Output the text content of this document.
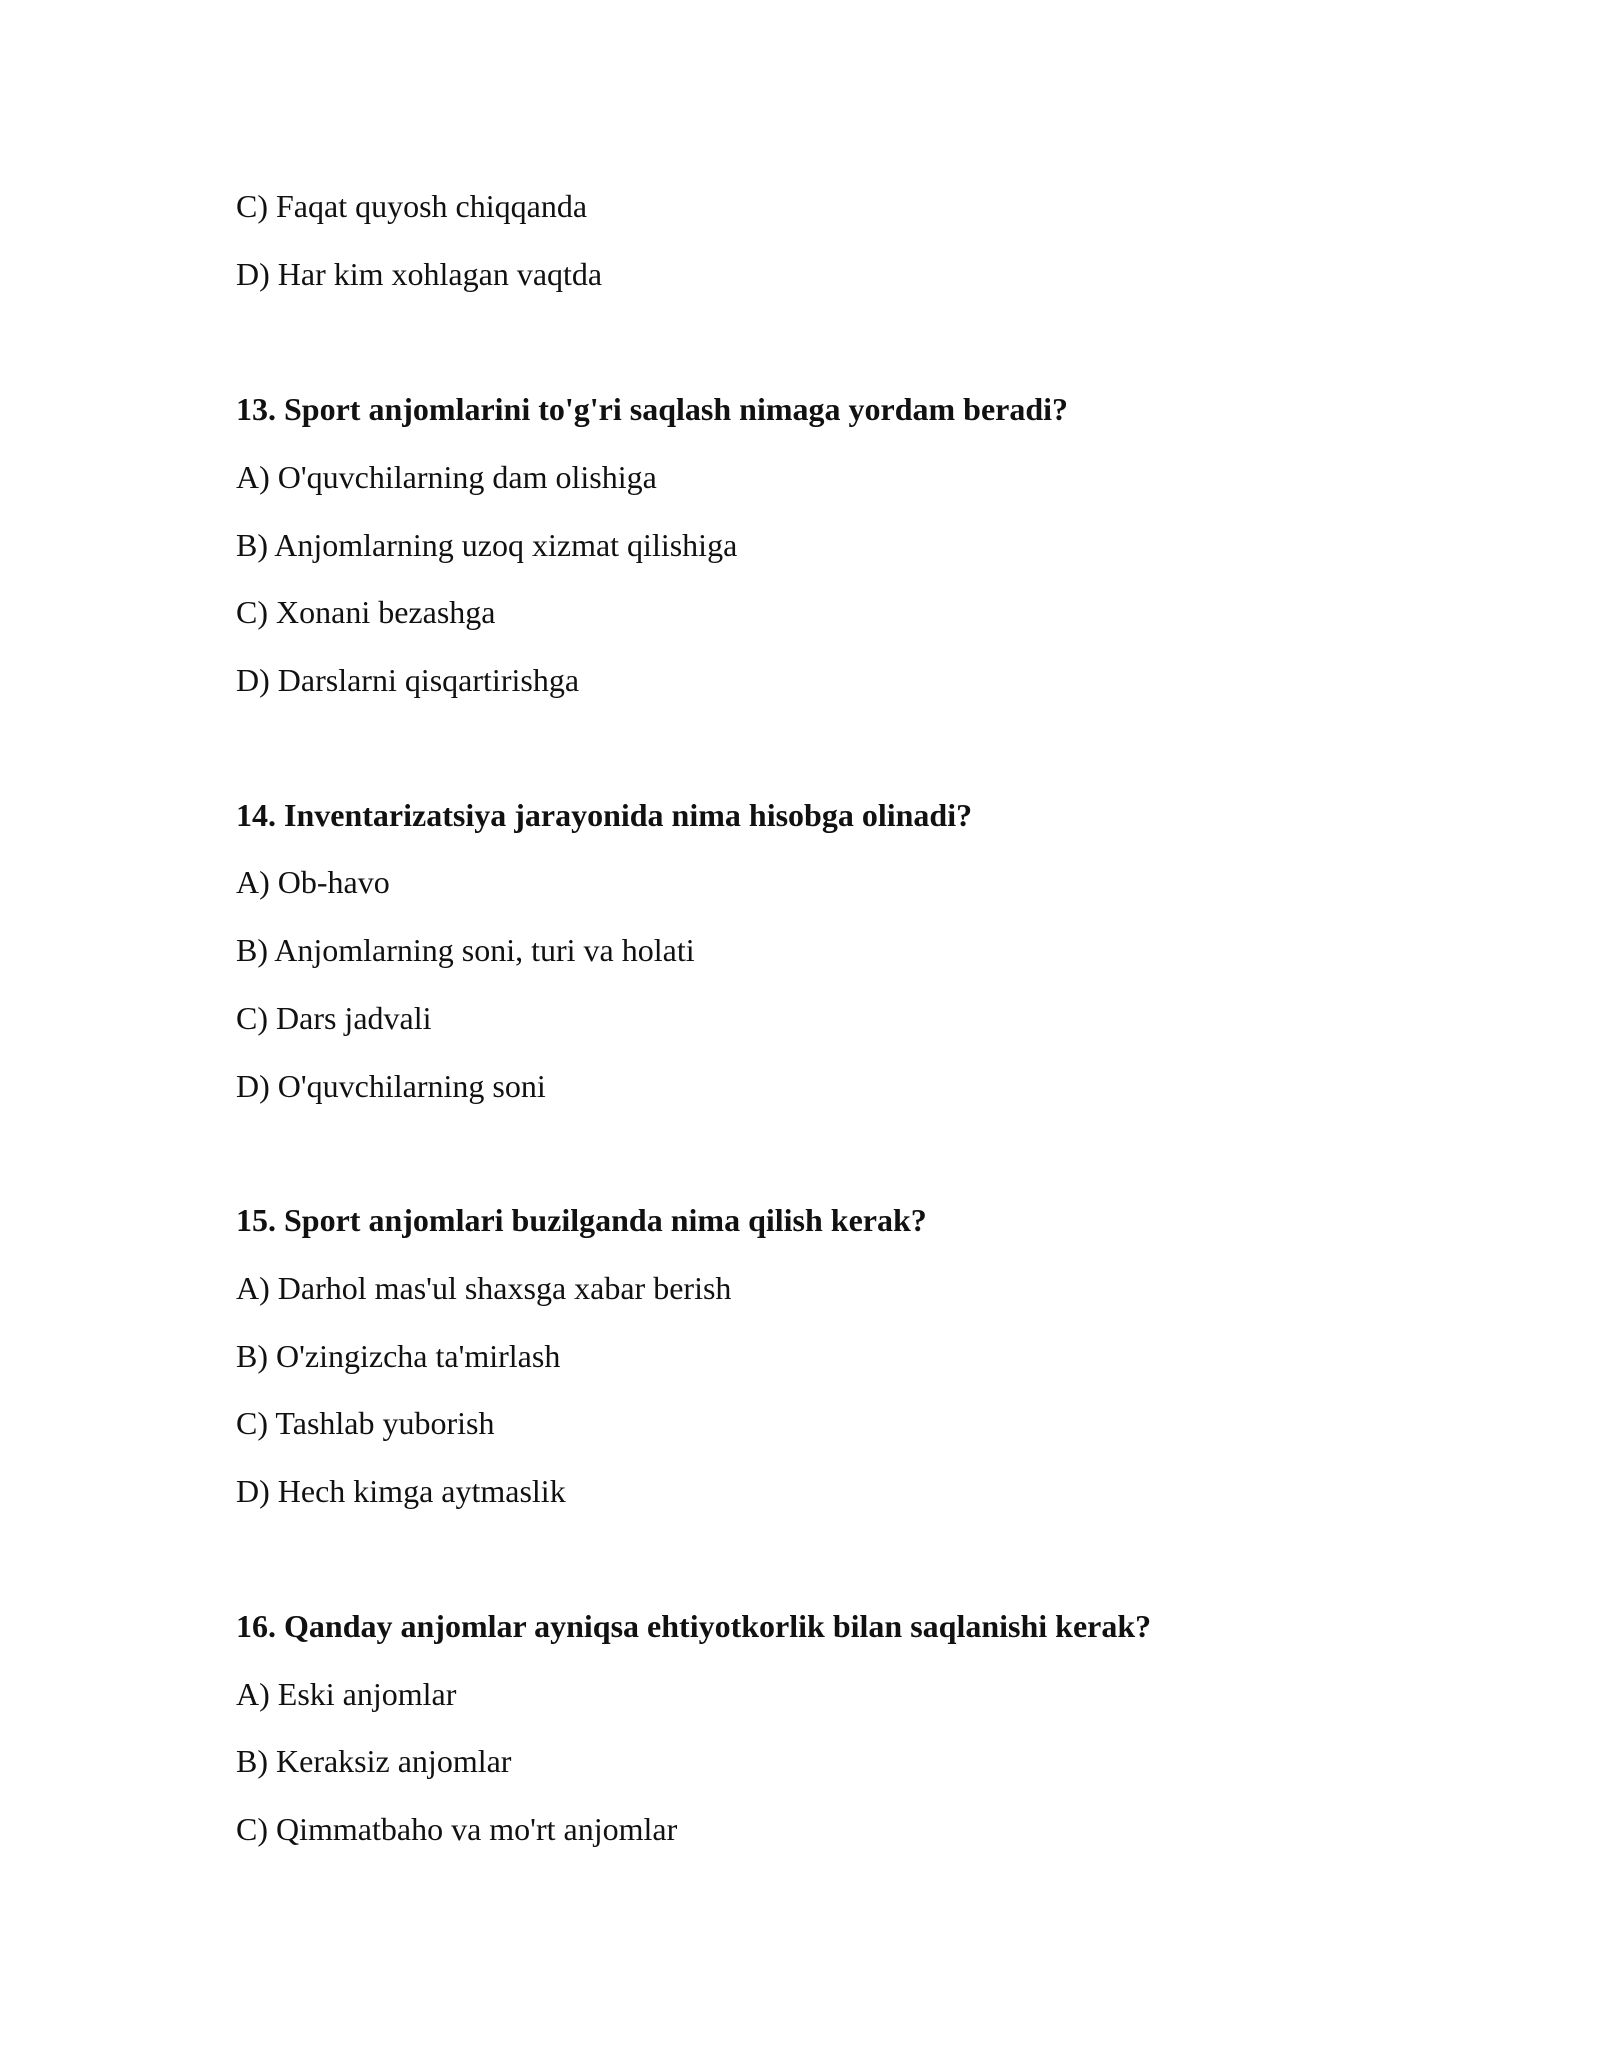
C) Faqat quyosh chiqqanda
D) Har kim xohlagan vaqtda
13. Sport anjomlarini to'g'ri saqlash nimaga yordam beradi?
A) O'quvchilarning dam olishiga
B) Anjomlarning uzoq xizmat qilishiga
C) Xonani bezashga
D) Darslarni qisqartirishga
14. Inventarizatsiya jarayonida nima hisobga olinadi?
A) Ob-havo
B) Anjomlarning soni, turi va holati
C) Dars jadvali
D) O'quvchilarning soni
15. Sport anjomlari buzilganda nima qilish kerak?
A) Darhol mas'ul shaxsga xabar berish
B) O'zingizcha ta'mirlash
C) Tashlab yuborish
D) Hech kimga aytmaslik
16. Qanday anjomlar ayniqsa ehtiyotkorlik bilan saqlanishi kerak?
A) Eski anjomlar
B) Keraksiz anjomlar
C) Qimmatbaho va mo'rt anjomlar
